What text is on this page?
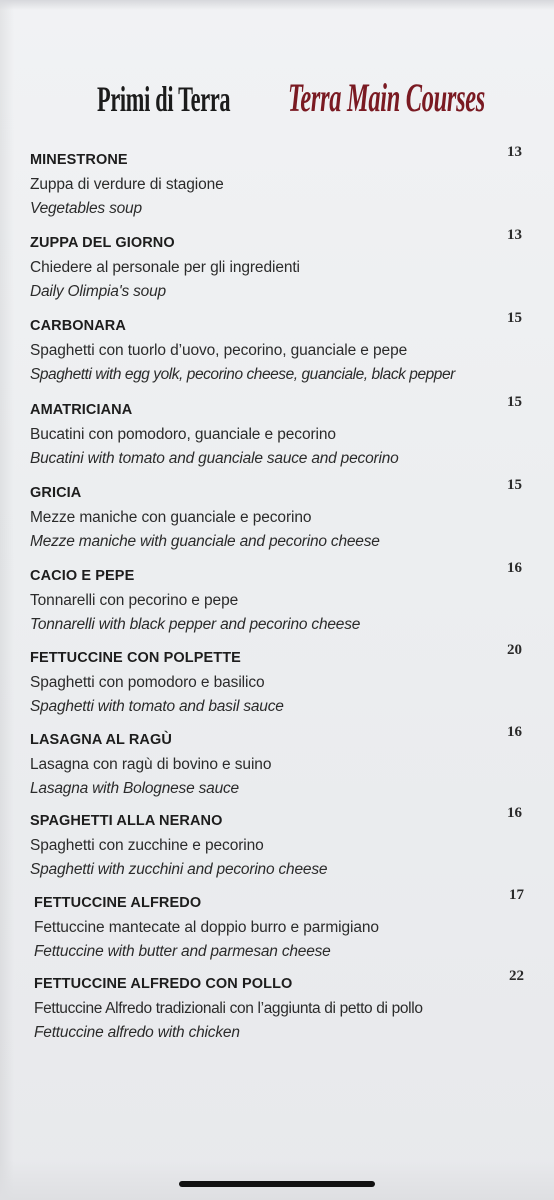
Primi di Terra Terra Main Courses
MINESTRONE	13
Zuppa di verdure di stagione
Vegetables soup
ZUPPA DEL GIORNO	13
Chiedere al personale per gli ingredienti
Daily Olimpia's soup
CARBONARA	15
Spaghetti con tuorlo d’uovo, pecorino, guanciale e pepe
Spaghetti with egg yolk, pecorino cheese, guanciale, black pepper
AMATRICIANA	15
Bucatini con pomodoro, guanciale e pecorino
Bucatini with tomato and guanciale sauce and pecorino
GRICIA	15
Mezze maniche con guanciale e pecorino
Mezze maniche with guanciale and pecorino cheese
CACIO E PEPE	16
Tonnarelli con pecorino e pepe
Tonnarelli with black pepper and pecorino cheese
FETTUCCINE CON POLPETTE	20
Spaghetti con pomodoro e basilico
Spaghetti with tomato and basil sauce
LASAGNA AL RAGÙ	16
Lasagna con ragù di bovino e suino
Lasagna with Bolognese sauce
SPAGHETTI ALLA NERANO	16
Spaghetti con zucchine e pecorino
Spaghetti with zucchini and pecorino cheese
FETTUCCINE ALFREDO	17
Fettuccine mantecate al doppio burro e parmigiano
Fettuccine with butter and parmesan cheese
FETTUCCINE ALFREDO CON POLLO	22
Fettuccine Alfredo tradizionali con l’aggiunta di petto di pollo
Fettuccine alfredo with chicken
